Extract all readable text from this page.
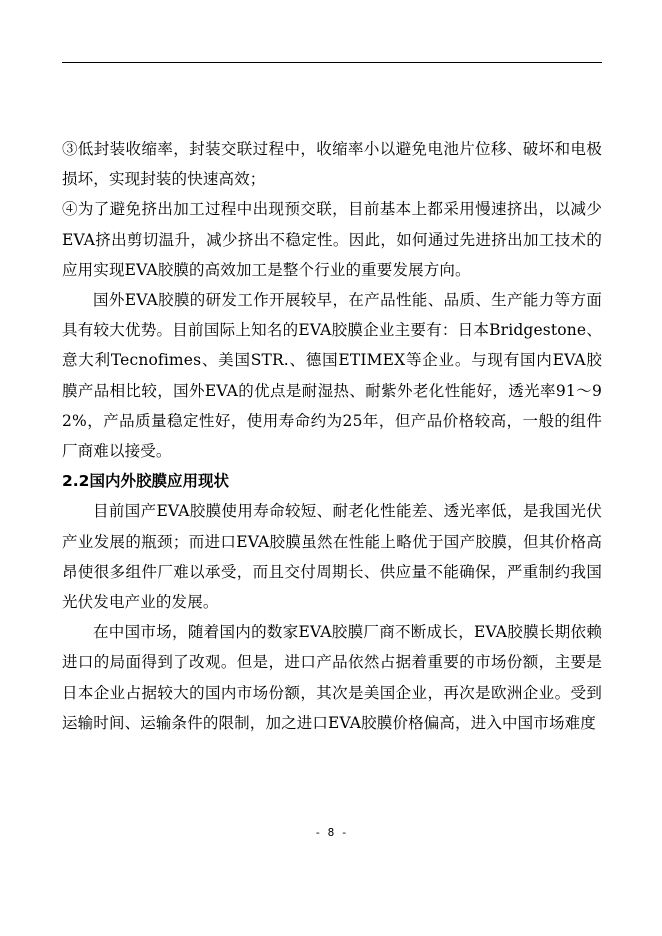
③低封装收缩率，封装交联过程中，收缩率小以避免电池片位移、破坏和电极损坏，实现封装的快速高效；

④为了避免挤出加工过程中出现预交联，目前基本上都采用慢速挤出，以减少EVA挤出剪切温升，减少挤出不稳定性。因此，如何通过先进挤出加工技术的应用实现EVA胶膜的高效加工是整个行业的重要发展方向。

国外EVA胶膜的研发工作开展较早，在产品性能、品质、生产能力等方面具有较大优势。目前国际上知名的EVA胶膜企业主要有：日本Bridgestone、意大利Tecnofimes、美国STR.、德国ETIMEX等企业。与现有国内EVA胶膜产品相比较，国外EVA的优点是耐湿热、耐紫外老化性能好，透光率91～92%，产品质量稳定性好，使用寿命约为25年，但产品价格较高，一般的组件厂商难以接受。

2.2国内外胶膜应用现状

目前国产EVA胶膜使用寿命较短、耐老化性能差、透光率低，是我国光伏产业发展的瓶颈；而进口EVA胶膜虽然在性能上略优于国产胶膜，但其价格高昂使很多组件厂难以承受，而且交付周期长、供应量不能确保，严重制约我国光伏发电产业的发展。

在中国市场，随着国内的数家EVA胶膜厂商不断成长，EVA胶膜长期依赖进口的局面得到了改观。但是，进口产品依然占据着重要的市场份额，主要是日本企业占据较大的国内市场份额，其次是美国企业，再次是欧洲企业。受到运输时间、运输条件的限制，加之进口EVA胶膜价格偏高，进入中国市场难度

- 8 -
